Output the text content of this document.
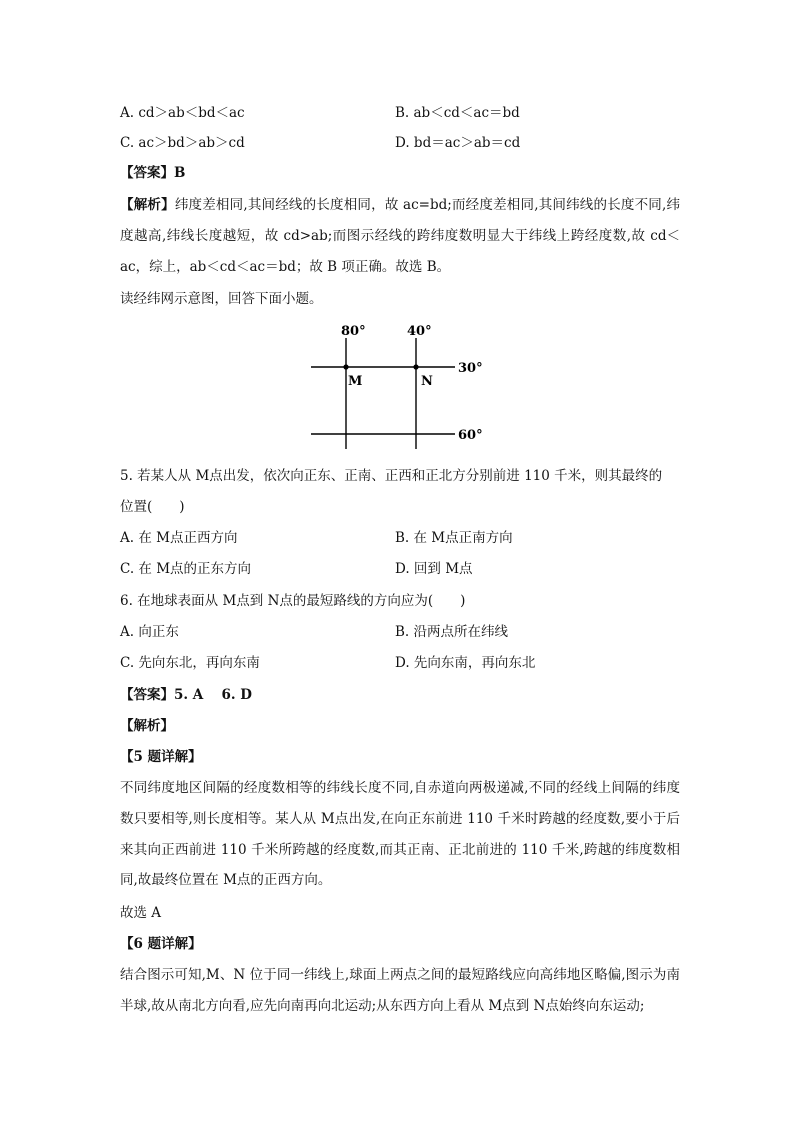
A. cd＞ab＜bd＜ac	B. ab＜cd＜ac＝bd
C. ac＞bd＞ab＞cd	D. bd＝ac＞ab＝cd
【答案】B
【解析】纬度差相同,其间经线的长度相同，故 ac=bd;而经度差相同,其间纬线的长度不同,纬度越高,纬线长度越短，故 cd>ab;而图示经线的跨纬度数明显大于纬线上跨经度数,故 cd＜ac，综上，ab＜cd＜ac＝bd；故 B 项正确。故选 B。
读经纬网示意图，回答下面小题。
80°	40°
30°
60°
M	N
5. 若某人从 M点出发，依次向正东、正南、正西和正北方分别前进 110 千米，则其最终的
位置(　　)
A. 在 M点正西方向	B. 在 M点正南方向
C. 在 M点的正东方向	D. 回到 M点
6. 在地球表面从 M点到 N点的最短路线的方向应为(　　)
A. 向正东	B. 沿两点所在纬线
C. 先向东北，再向东南	D. 先向东南，再向东北
【答案】5. A　 6. D
【解析】
【5 题详解】
不同纬度地区间隔的经度数相等的纬线长度不同,自赤道向两极递减,不同的经线上间隔的纬度数只要相等,则长度相等。某人从 M点出发,在向正东前进 110 千米时跨越的经度数,要小于后来其向正西前进 110 千米所跨越的经度数,而其正南、正北前进的 110 千米,跨越的纬度数相同,故最终位置在 M点的正西方向。
故选 A
【6 题详解】
结合图示可知,M、N 位于同一纬线上,球面上两点之间的最短路线应向高纬地区略偏,图示为南半球,故从南北方向看,应先向南再向北运动;从东西方向上看从 M点到 N点始终向东运动;
